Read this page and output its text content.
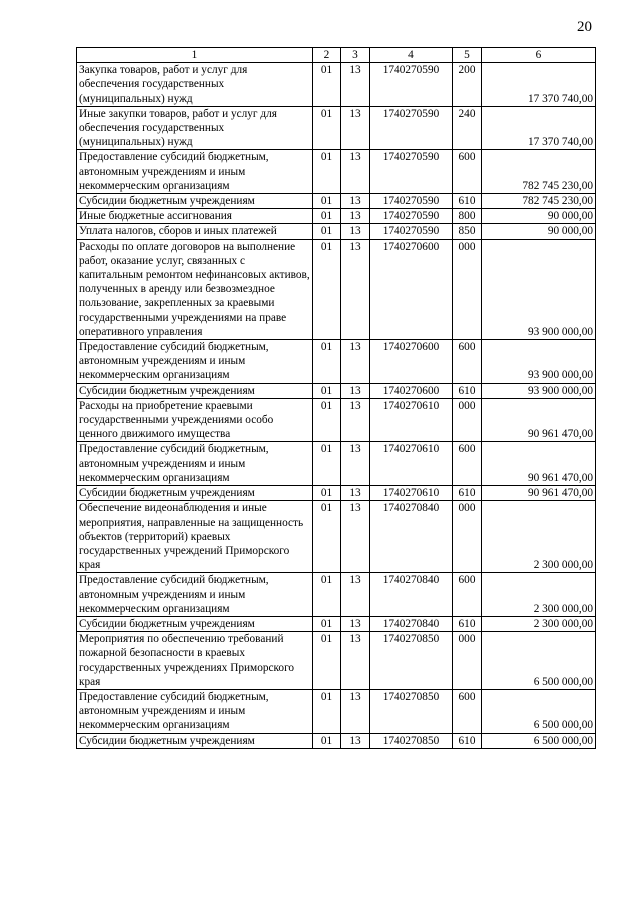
20
1	2	3	4	5	6
Закупка товаров, работ и услуг для обеспечения государственных (муниципальных) нужд	01	13	1740270590	200	17 370 740,00
Иные закупки товаров, работ и услуг для обеспечения государственных (муниципальных) нужд	01	13	1740270590	240	17 370 740,00
Предоставление субсидий бюджетным, автономным учреждениям и иным некоммерческим организациям	01	13	1740270590	600	782 745 230,00
Субсидии бюджетным учреждениям	01	13	1740270590	610	782 745 230,00
Иные бюджетные ассигнования	01	13	1740270590	800	90 000,00
Уплата налогов, сборов и иных платежей	01	13	1740270590	850	90 000,00
Расходы по оплате договоров на выполнение работ, оказание услуг, связанных с капитальным ремонтом нефинансовых активов, полученных в аренду или безвозмездное пользование, закрепленных за краевыми государственными учреждениями на праве оперативного управления	01	13	1740270600	000	93 900 000,00
Предоставление субсидий бюджетным, автономным учреждениям и иным некоммерческим организациям	01	13	1740270600	600	93 900 000,00
Субсидии бюджетным учреждениям	01	13	1740270600	610	93 900 000,00
Расходы на приобретение краевыми государственными учреждениями особо ценного движимого имущества	01	13	1740270610	000	90 961 470,00
Предоставление субсидий бюджетным, автономным учреждениям и иным некоммерческим организациям	01	13	1740270610	600	90 961 470,00
Субсидии бюджетным учреждениям	01	13	1740270610	610	90 961 470,00
Обеспечение видеонаблюдения и иные мероприятия, направленные на защищенность объектов (территорий) краевых государственных учреждений Приморского края	01	13	1740270840	000	2 300 000,00
Предоставление субсидий бюджетным, автономным учреждениям и иным некоммерческим организациям	01	13	1740270840	600	2 300 000,00
Субсидии бюджетным учреждениям	01	13	1740270840	610	2 300 000,00
Мероприятия по обеспечению требований пожарной безопасности в краевых государственных учреждениях Приморского края	01	13	1740270850	000	6 500 000,00
Предоставление субсидий бюджетным, автономным учреждениям и иным некоммерческим организациям	01	13	1740270850	600	6 500 000,00
Субсидии бюджетным учреждениям	01	13	1740270850	610	6 500 000,00
